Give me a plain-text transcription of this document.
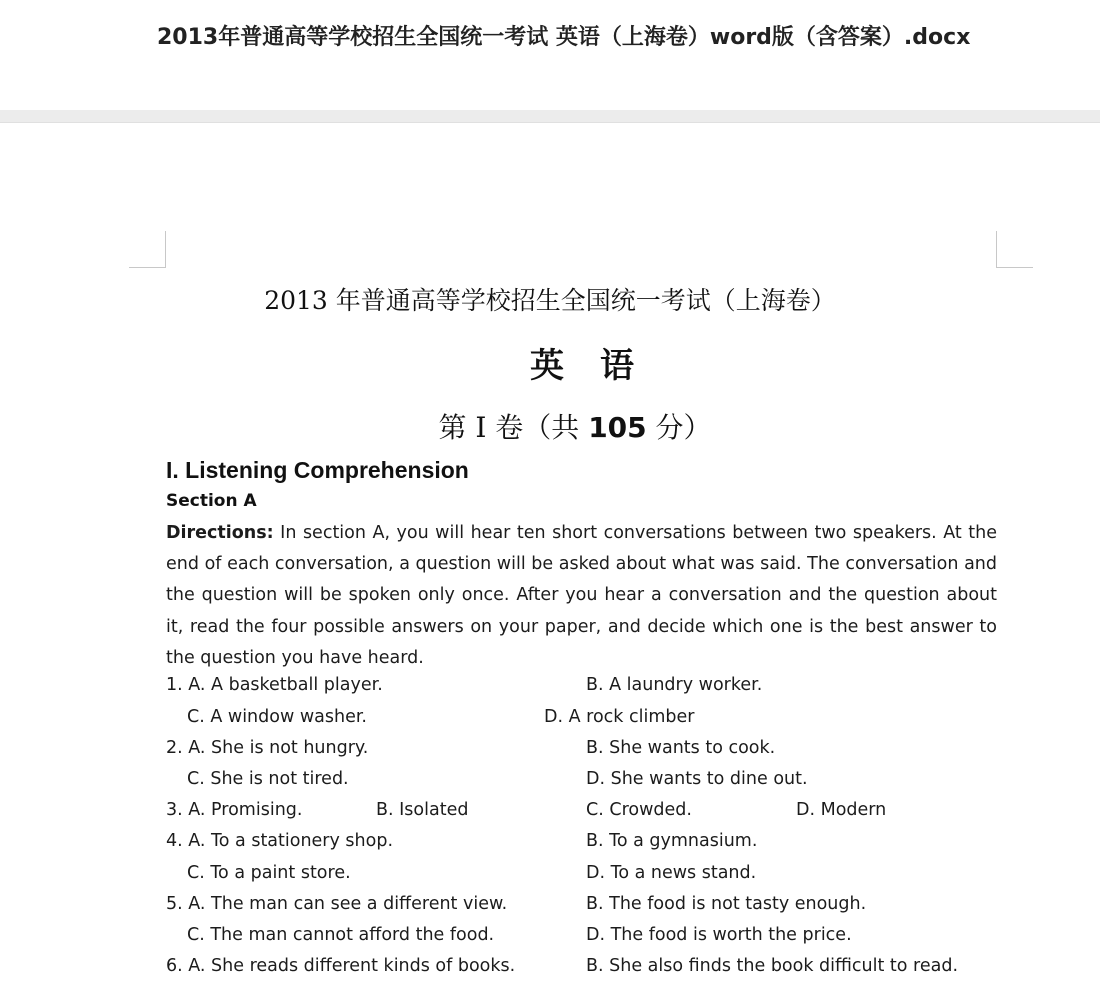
2013年普通高等学校招生全国统一考试 英语（上海卷）word版（含答案）.docx
2013 年普通高等学校招生全国统一考试（上海卷）
英 语
第 I 卷（共 105 分）
I. Listening Comprehension
Section A
Directions: In section A, you will hear ten short conversations between two speakers. At the end of each conversation, a question will be asked about what was said. The conversation and the question will be spoken only once. After you hear a conversation and the question about it, read the four possible answers on your paper, and decide which one is the best answer to the question you have heard.
1. A. A basketball player.	B. A laundry worker.
C. A window washer.	D. A rock climber
2. A. She is not hungry.	B. She wants to cook.
C. She is not tired.	D. She wants to dine out.
3. A. Promising.	B. Isolated	C. Crowded.	D. Modern
4. A. To a stationery shop.	B. To a gymnasium.
C. To a paint store.	D. To a news stand.
5. A. The man can see a different view.	B. The food is not tasty enough.
C. The man cannot afford the food.	D. The food is worth the price.
6. A. She reads different kinds of books.	B. She also finds the book difficult to read.
